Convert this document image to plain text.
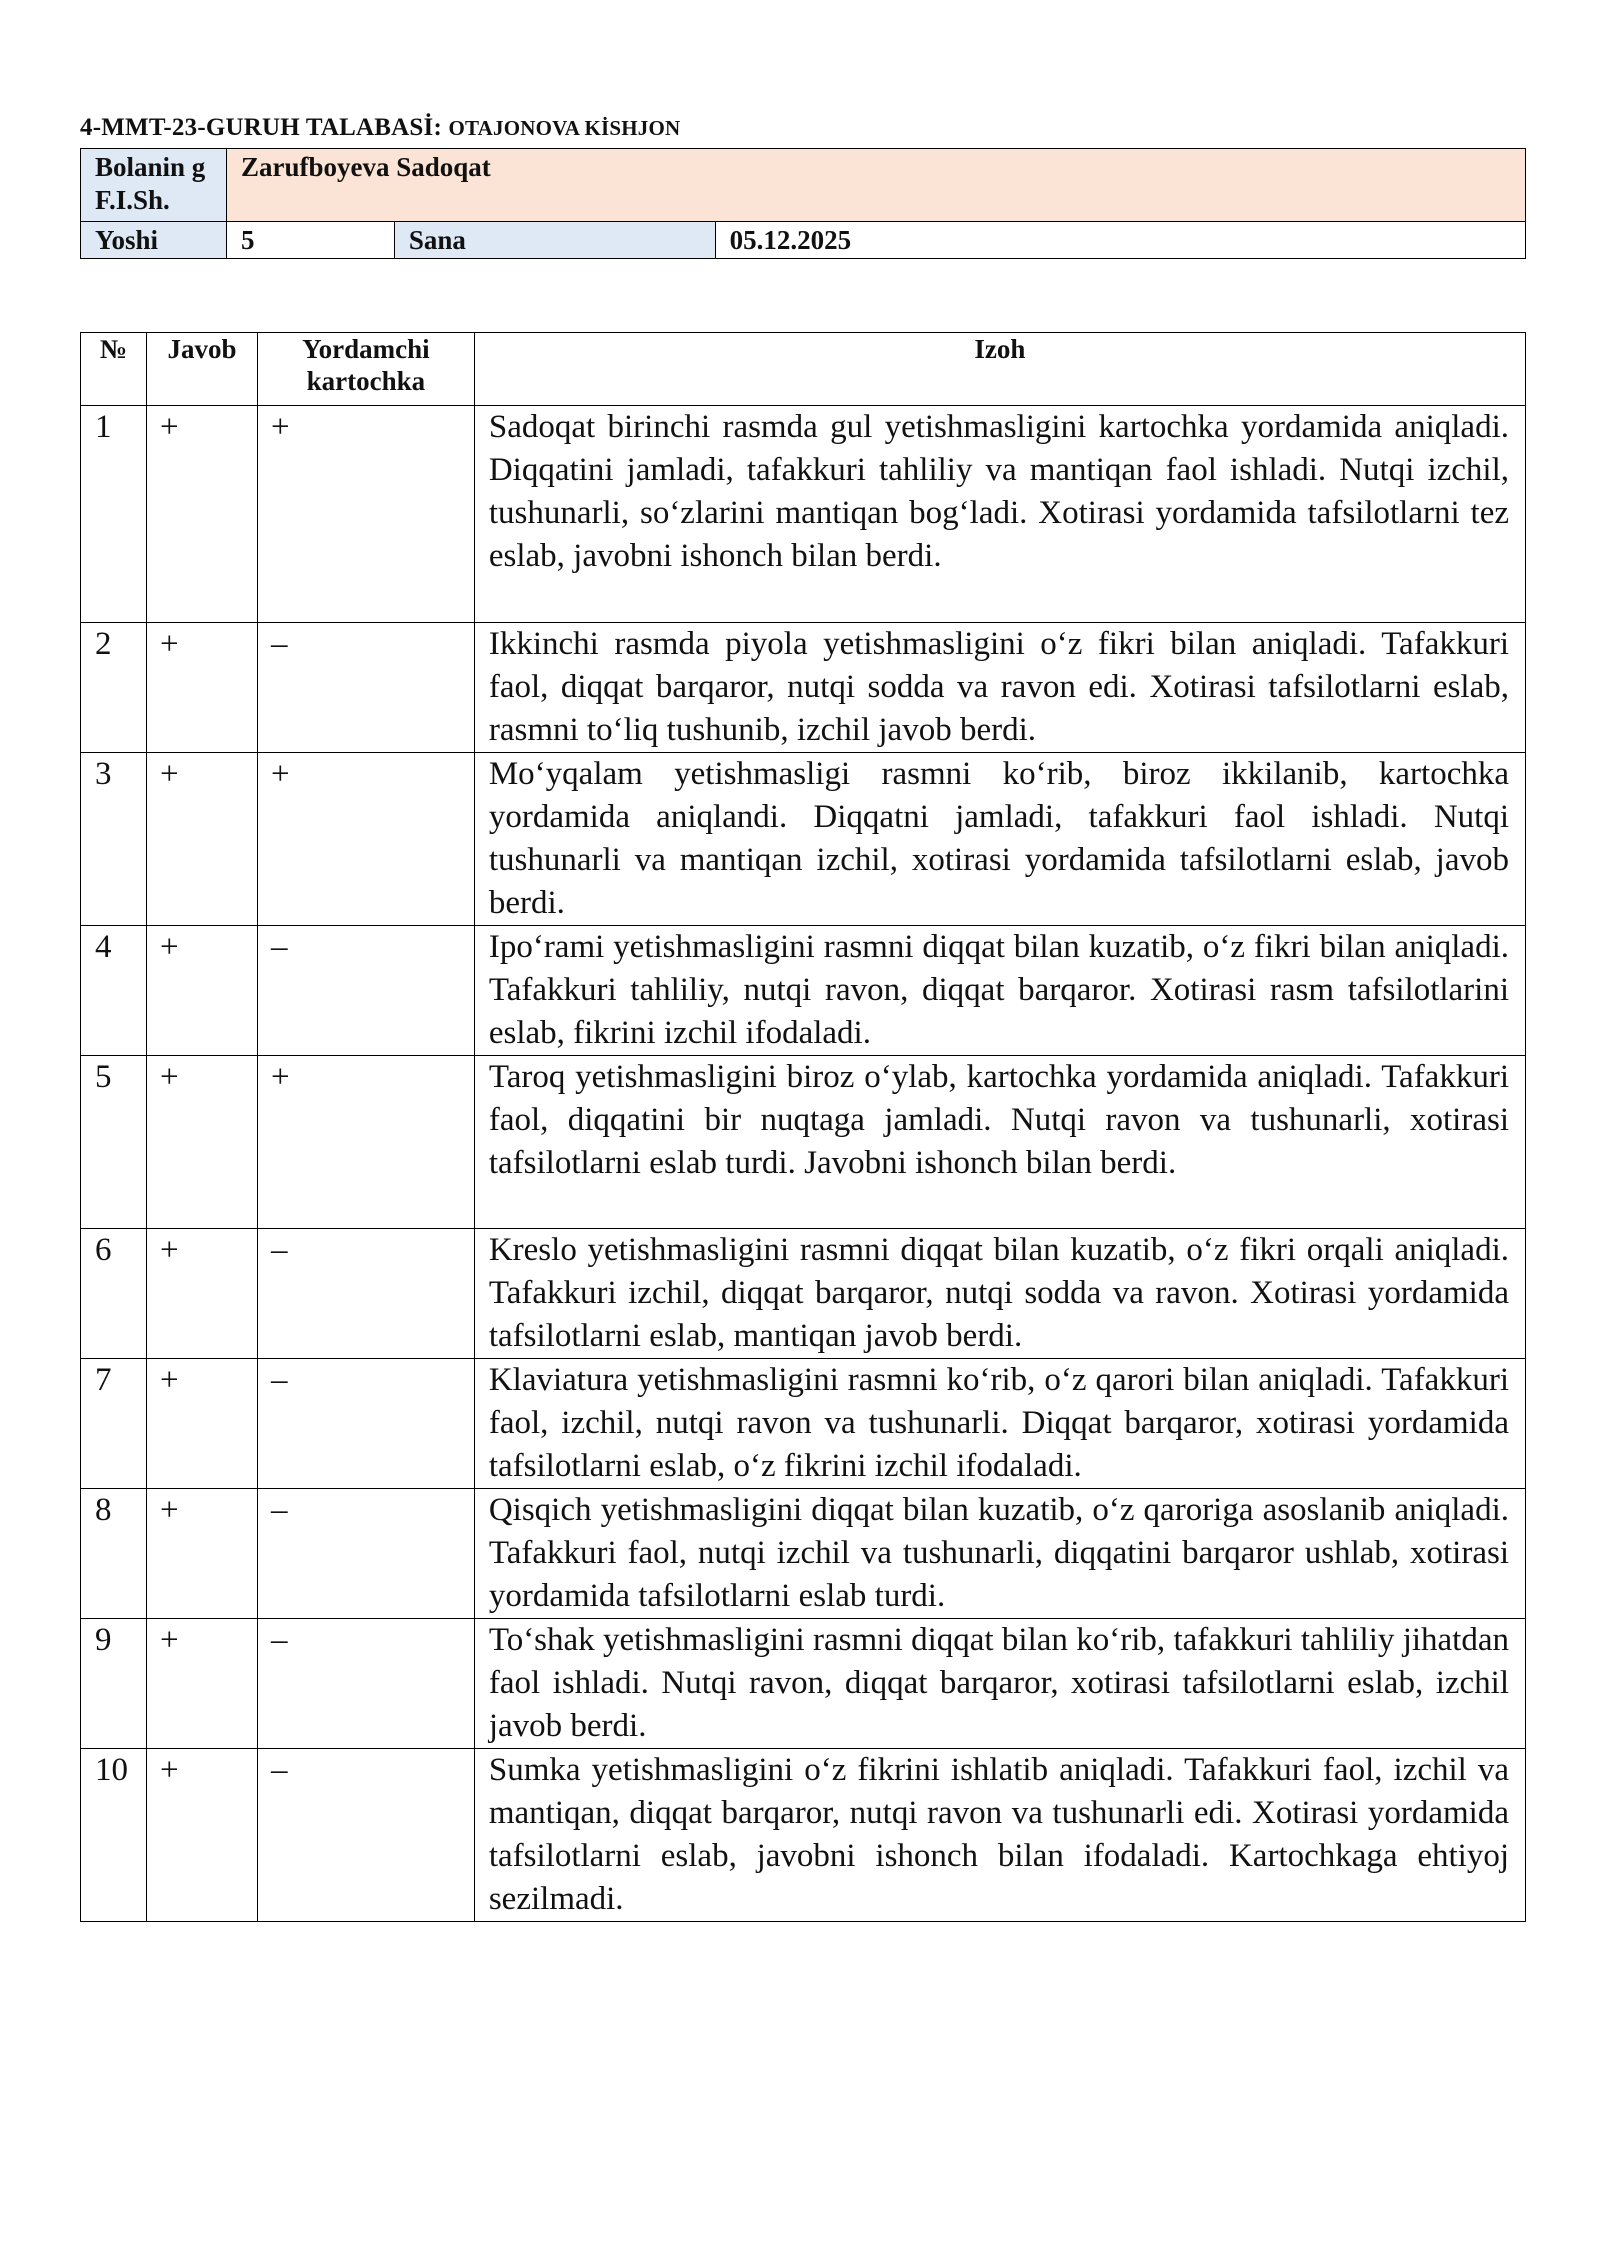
4-MMT-23-GURUH TALABASİ: OTAJONOVA KİSHJON
Bolanin g F.I.Sh.	Zarufboyeva Sadoqat		
Yoshi	5	Sana	05.12.2025
№	Javob	Yordamchi kartochka	Izoh
1	+	+	Sadoqat birinchi rasmda gul yetishmasligini kartochka yordamida aniqladi. Diqqatini jamladi, tafakkuri tahliliy va mantiqan faol ishladi. Nutqi izchil, tushunarli, so‘zlarini mantiqan bog‘ladi. Xotirasi yordamida tafsilotlarni tez eslab, javobni ishonch bilan berdi.
2	+	–	Ikkinchi rasmda piyola yetishmasligini o‘z fikri bilan aniqladi. Tafakkuri faol, diqqat barqaror, nutqi sodda va ravon edi. Xotirasi tafsilotlarni eslab, rasmni to‘liq tushunib, izchil javob berdi.
3	+	+	Mo‘yqalam yetishmasligi rasmni ko‘rib, biroz ikkilanib, kartochka yordamida aniqlandi. Diqqatni jamladi, tafakkuri faol ishladi. Nutqi tushunarli va mantiqan izchil, xotirasi yordamida tafsilotlarni eslab, javob berdi.
4	+	–	Ipo‘rami yetishmasligini rasmni diqqat bilan kuzatib, o‘z fikri bilan aniqladi. Tafakkuri tahliliy, nutqi ravon, diqqat barqaror. Xotirasi rasm tafsilotlarini eslab, fikrini izchil ifodaladi.
5	+	+	Taroq yetishmasligini biroz o‘ylab, kartochka yordamida aniqladi. Tafakkuri faol, diqqatini bir nuqtaga jamladi. Nutqi ravon va tushunarli, xotirasi tafsilotlarni eslab turdi. Javobni ishonch bilan berdi.
6	+	–	Kreslo yetishmasligini rasmni diqqat bilan kuzatib, o‘z fikri orqali aniqladi. Tafakkuri izchil, diqqat barqaror, nutqi sodda va ravon. Xotirasi yordamida tafsilotlarni eslab, mantiqan javob berdi.
7	+	–	Klaviatura yetishmasligini rasmni ko‘rib, o‘z qarori bilan aniqladi. Tafakkuri faol, izchil, nutqi ravon va tushunarli. Diqqat barqaror, xotirasi yordamida tafsilotlarni eslab, o‘z fikrini izchil ifodaladi.
8	+	–	Qisqich yetishmasligini diqqat bilan kuzatib, o‘z qaroriga asoslanib aniqladi. Tafakkuri faol, nutqi izchil va tushunarli, diqqatini barqaror ushlab, xotirasi yordamida tafsilotlarni eslab turdi.
9	+	–	To‘shak yetishmasligini rasmni diqqat bilan ko‘rib, tafakkuri tahliliy jihatdan faol ishladi. Nutqi ravon, diqqat barqaror, xotirasi tafsilotlarni eslab, izchil javob berdi.
10	+	–	Sumka yetishmasligini o‘z fikrini ishlatib aniqladi. Tafakkuri faol, izchil va mantiqan, diqqat barqaror, nutqi ravon va tushunarli edi. Xotirasi yordamida tafsilotlarni eslab, javobni ishonch bilan ifodaladi. Kartochkaga ehtiyoj sezilmadi.
